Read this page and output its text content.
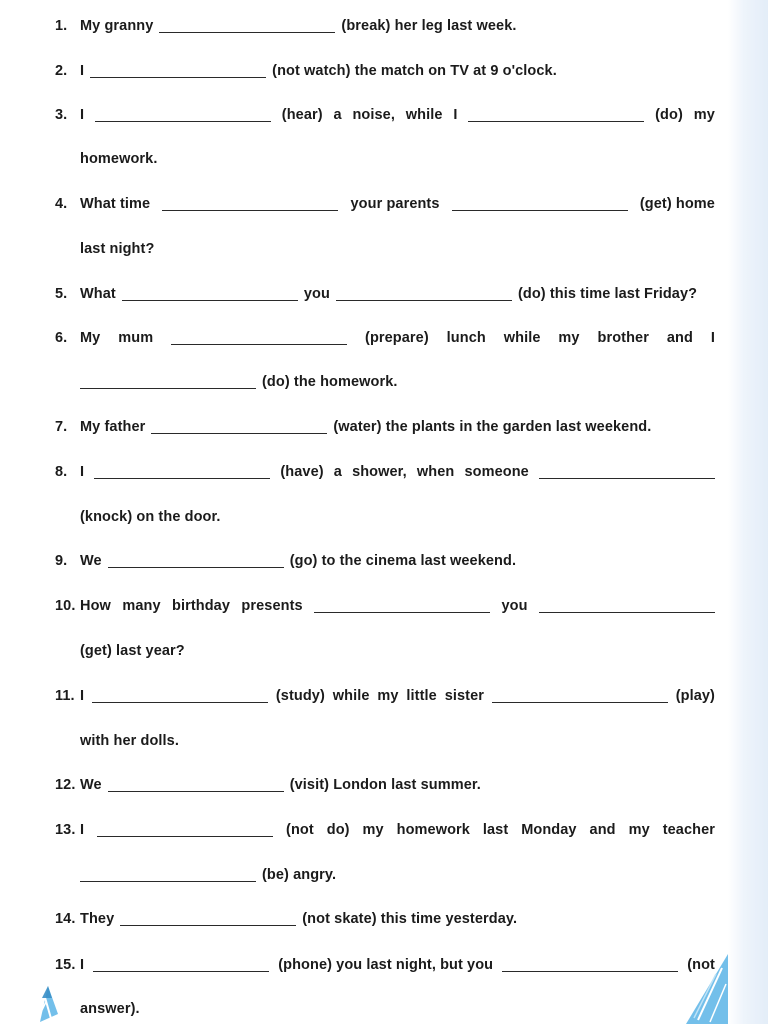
1. My granny	(break) her leg last week.
2. I	(not watch) the match on TV at 9 o'clock.
3. I	(hear) a noise, while I	(do) my
homework.
4. What time	your parents	(get) home
last night?
5. What	you	(do) this time last Friday?
6. My mum	(prepare) lunch while my brother and I
(do) the homework.
7. My father	(water) the plants in the garden last weekend.
8. I	(have) a shower, when someone
(knock) on the door.
9. We	(go) to the cinema last weekend.
10. How many birthday presents	you
(get) last year?
11. I	(study) while my little sister	(play)
with her dolls.
12. We	(visit) London last summer.
13. I	(not do) my homework last Monday and my teacher
(be) angry.
14. They	(not skate) this time yesterday.
15. I	(phone) you last night, but you	(not
answer).
